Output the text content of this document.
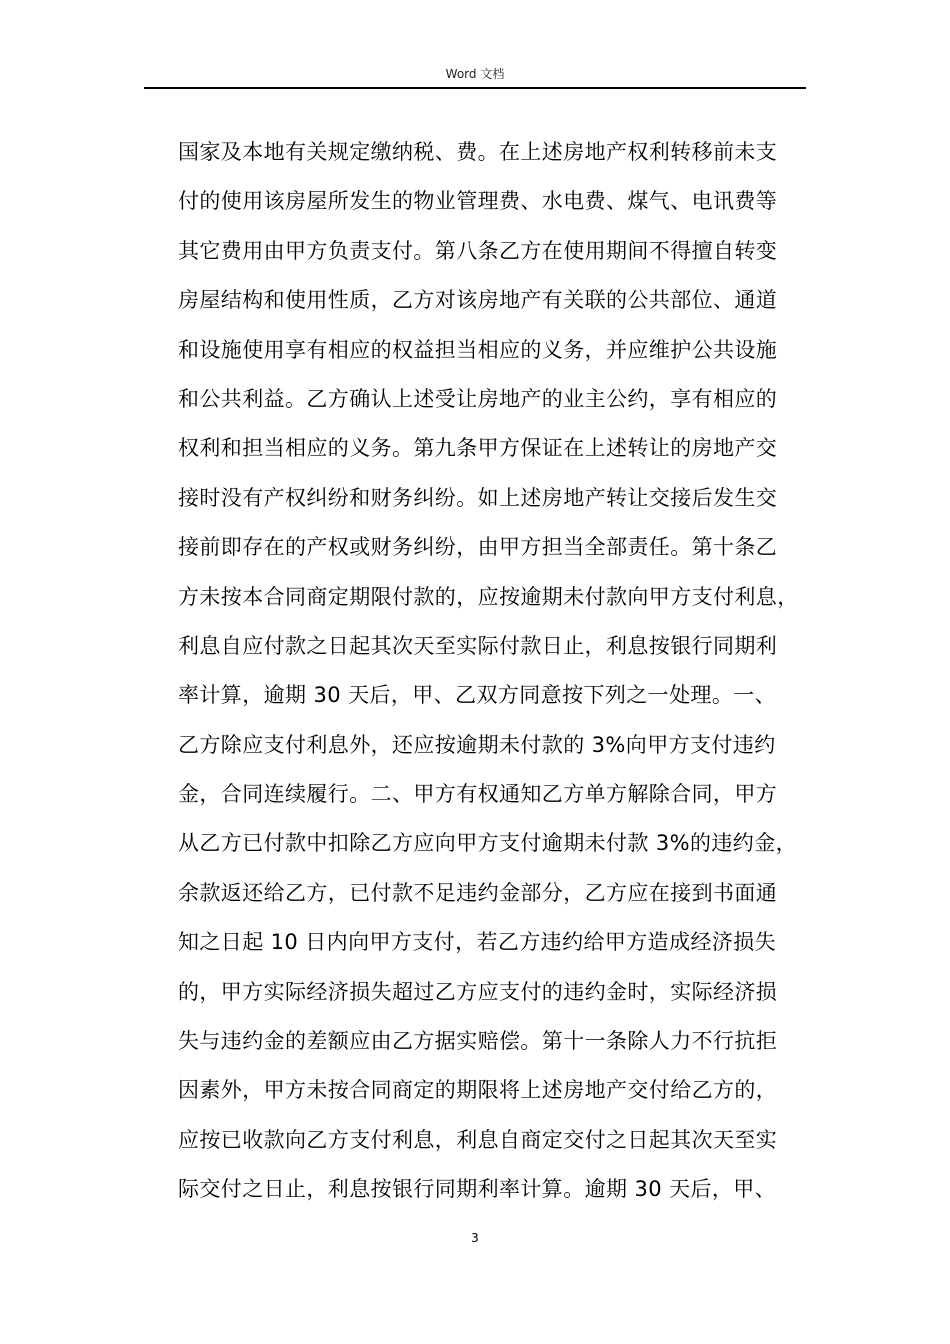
Word 文档
国家及本地有关规定缴纳税、费。在上述房地产权利转移前未支
付的使用该房屋所发生的物业管理费、水电费、煤气、电讯费等
其它费用由甲方负责支付。第八条乙方在使用期间不得擅自转变
房屋结构和使用性质，乙方对该房地产有关联的公共部位、通道
和设施使用享有相应的权益担当相应的义务，并应维护公共设施
和公共利益。乙方确认上述受让房地产的业主公约，享有相应的
权利和担当相应的义务。第九条甲方保证在上述转让的房地产交
接时没有产权纠纷和财务纠纷。如上述房地产转让交接后发生交
接前即存在的产权或财务纠纷，由甲方担当全部责任。第十条乙
方未按本合同商定期限付款的，应按逾期未付款向甲方支付利息，
利息自应付款之日起其次天至实际付款日止，利息按银行同期利
率计算，逾期 30 天后，甲、乙双方同意按下列之一处理。一、
乙方除应支付利息外，还应按逾期未付款的 3%向甲方支付违约
金，合同连续履行。二、甲方有权通知乙方单方解除合同，甲方
从乙方已付款中扣除乙方应向甲方支付逾期未付款 3%的违约金，
余款返还给乙方，已付款不足违约金部分，乙方应在接到书面通
知之日起 10 日内向甲方支付，若乙方违约给甲方造成经济损失
的，甲方实际经济损失超过乙方应支付的违约金时，实际经济损
失与违约金的差额应由乙方据实赔偿。第十一条除人力不行抗拒
因素外，甲方未按合同商定的期限将上述房地产交付给乙方的，
应按已收款向乙方支付利息，利息自商定交付之日起其次天至实
际交付之日止，利息按银行同期利率计算。逾期 30 天后，甲、
3
